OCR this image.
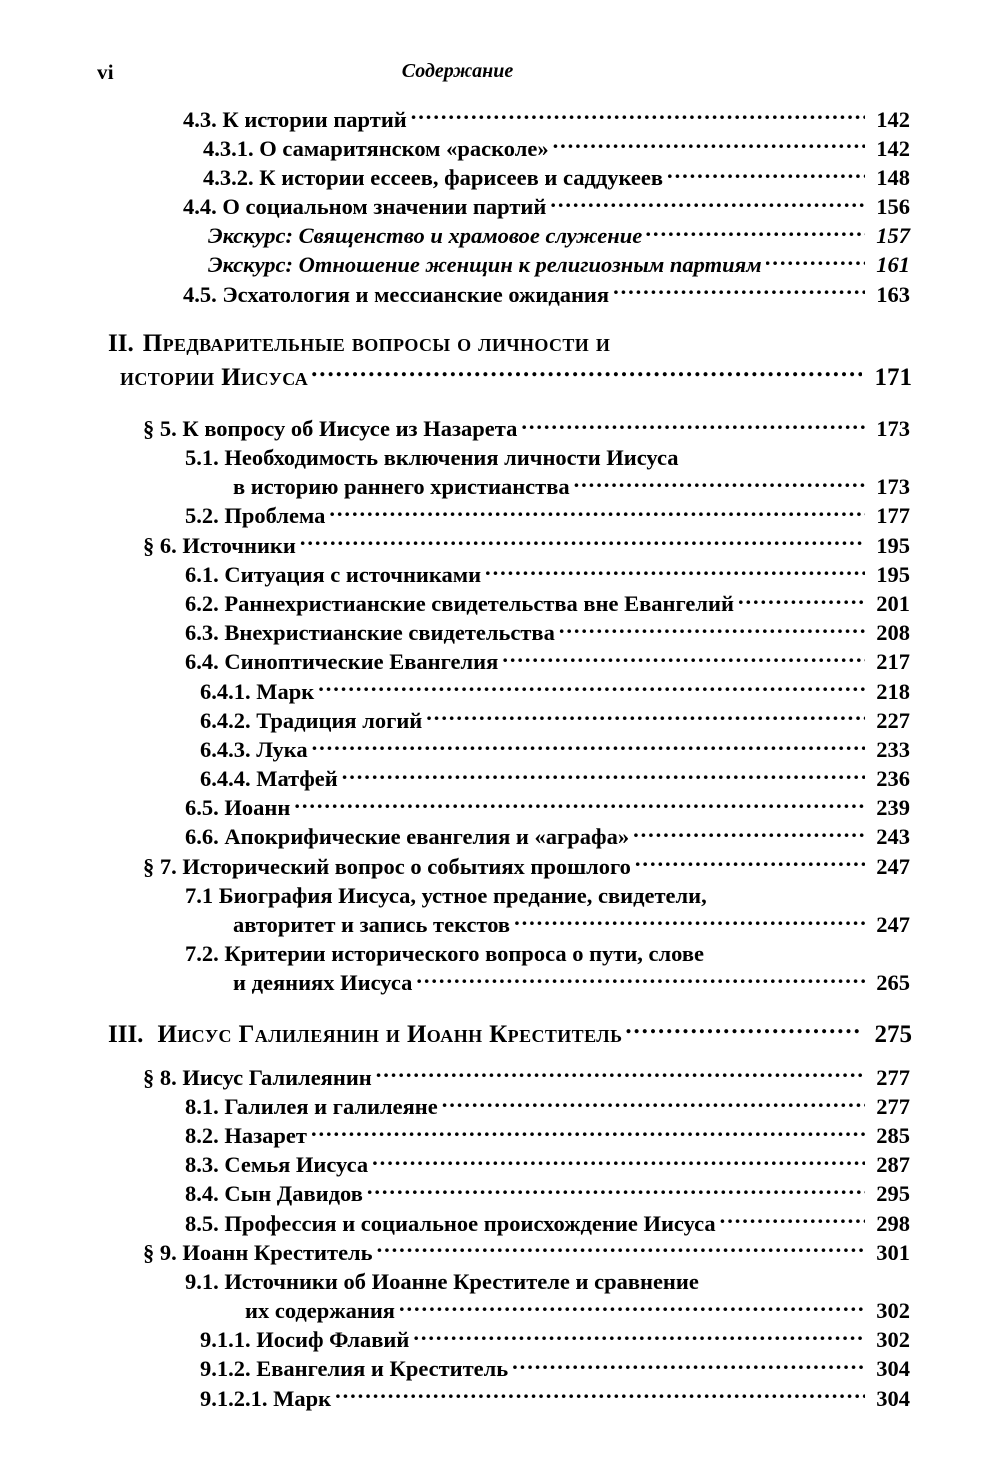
vi	Содержание
4.3. К истории партий .....	142
4.3.1. О самаритянском «расколе» .....	142
4.3.2. К истории ессеев, фарисеев и саддукеев .....	148
4.4. О социальном значении партий .....	156
Экскурс: Священство и храмовое служение .....	157
Экскурс: Отношение женщин к религиозным партиям .....	161
4.5. Эсхатология и мессианские ожидания .....	163
II. Предварительные вопросы о личности и
истории Иисуса .....	171
§ 5. К вопросу об Иисусе из Назарета .....	173
5.1. Необходимость включения личности Иисуса
в историю раннего христианства .....	173
5.2. Проблема .....	177
§ 6. Источники .....	195
6.1. Ситуация с источниками .....	195
6.2. Раннехристианские свидетельства вне Евангелий .....	201
6.3. Внехристианские свидетельства .....	208
6.4. Синоптические Евангелия .....	217
6.4.1. Марк .....	218
6.4.2. Традиция логий .....	227
6.4.3. Лука .....	233
6.4.4. Матфей .....	236
6.5. Иоанн .....	239
6.6. Апокрифические евангелия и «аграфа» .....	243
§ 7. Исторический вопрос о событиях прошлого .....	247
7.1 Биография Иисуса, устное предание, свидетели,
авторитет и запись текстов .....	247
7.2. Критерии исторического вопроса о пути, слове
и деяниях Иисуса .....	265
III. Иисус Галилеянин и Иоанн Креститель .....	275
§ 8. Иисус Галилеянин .....	277
8.1. Галилея и галилеяне .....	277
8.2. Назарет .....	285
8.3. Семья Иисуса .....	287
8.4. Сын Давидов .....	295
8.5. Профессия и социальное происхождение Иисуса .....	298
§ 9. Иоанн Креститель .....	301
9.1. Источники об Иоанне Крестителе и сравнение
их содержания .....	302
9.1.1. Иосиф Флавий .....	302
9.1.2. Евангелия и Креститель .....	304
9.1.2.1. Марк .....	304
